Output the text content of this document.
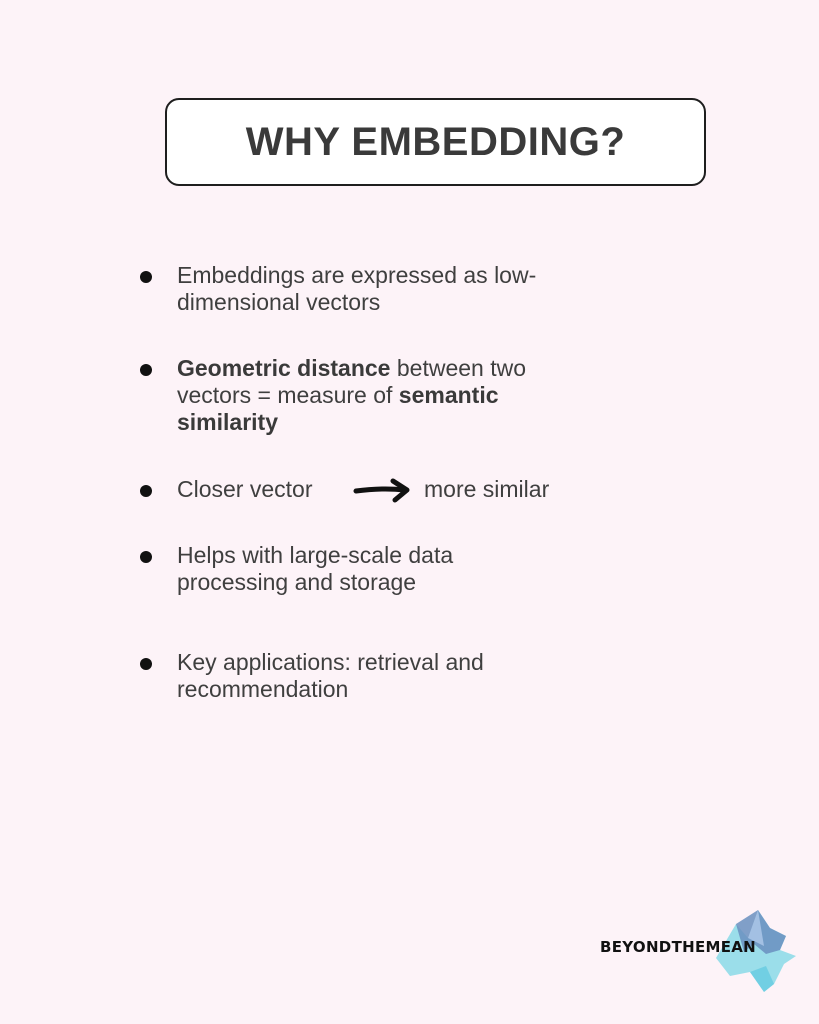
WHY EMBEDDING?
Embeddings are expressed as low-
dimensional vectors
Geometric distance between two
vectors = measure of semantic
similarity
Closer vector	more similar
Helps with large-scale data
processing and storage
Key applications: retrieval and
recommendation
BEYONDTHEMEAN
